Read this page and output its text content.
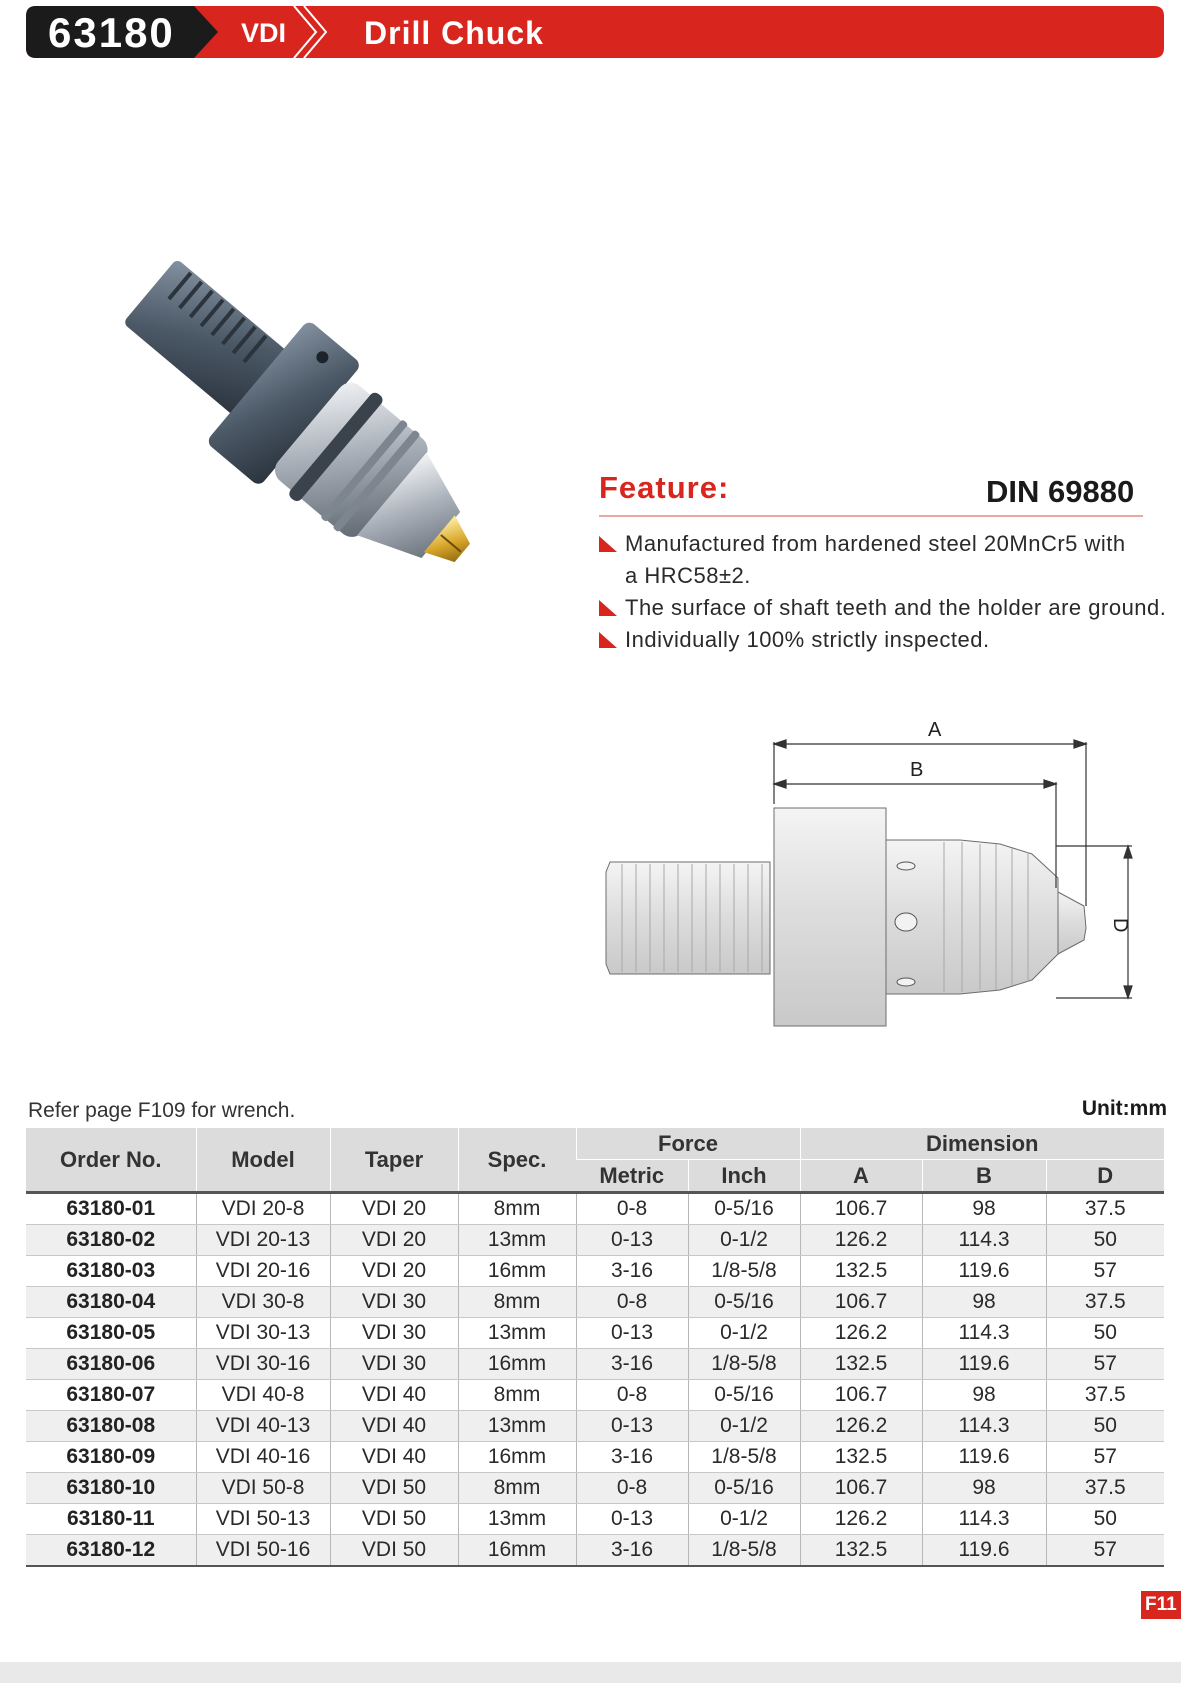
63180 VDI Drill Chuck
Feature:	DIN 69880
Manufactured from hardened steel 20MnCr5 with
a HRC58±2.
The surface of shaft teeth and the holder are ground.
Individually 100% strictly inspected.
A
B
D
Refer page F109 for wrench.	Unit:mm
Order No.	Model	Taper	Spec.	Force		Dimension		
				Metric	Inch	A	B	D
63180-01	VDI 20-8	VDI 20	8mm	0-8	0-5/16	106.7	98	37.5
63180-02	VDI 20-13	VDI 20	13mm	0-13	0-1/2	126.2	114.3	50
63180-03	VDI 20-16	VDI 20	16mm	3-16	1/8-5/8	132.5	119.6	57
63180-04	VDI 30-8	VDI 30	8mm	0-8	0-5/16	106.7	98	37.5
63180-05	VDI 30-13	VDI 30	13mm	0-13	0-1/2	126.2	114.3	50
63180-06	VDI 30-16	VDI 30	16mm	3-16	1/8-5/8	132.5	119.6	57
63180-07	VDI 40-8	VDI 40	8mm	0-8	0-5/16	106.7	98	37.5
63180-08	VDI 40-13	VDI 40	13mm	0-13	0-1/2	126.2	114.3	50
63180-09	VDI 40-16	VDI 40	16mm	3-16	1/8-5/8	132.5	119.6	57
63180-10	VDI 50-8	VDI 50	8mm	0-8	0-5/16	106.7	98	37.5
63180-11	VDI 50-13	VDI 50	13mm	0-13	0-1/2	126.2	114.3	50
63180-12	VDI 50-16	VDI 50	16mm	3-16	1/8-5/8	132.5	119.6	57
F11
